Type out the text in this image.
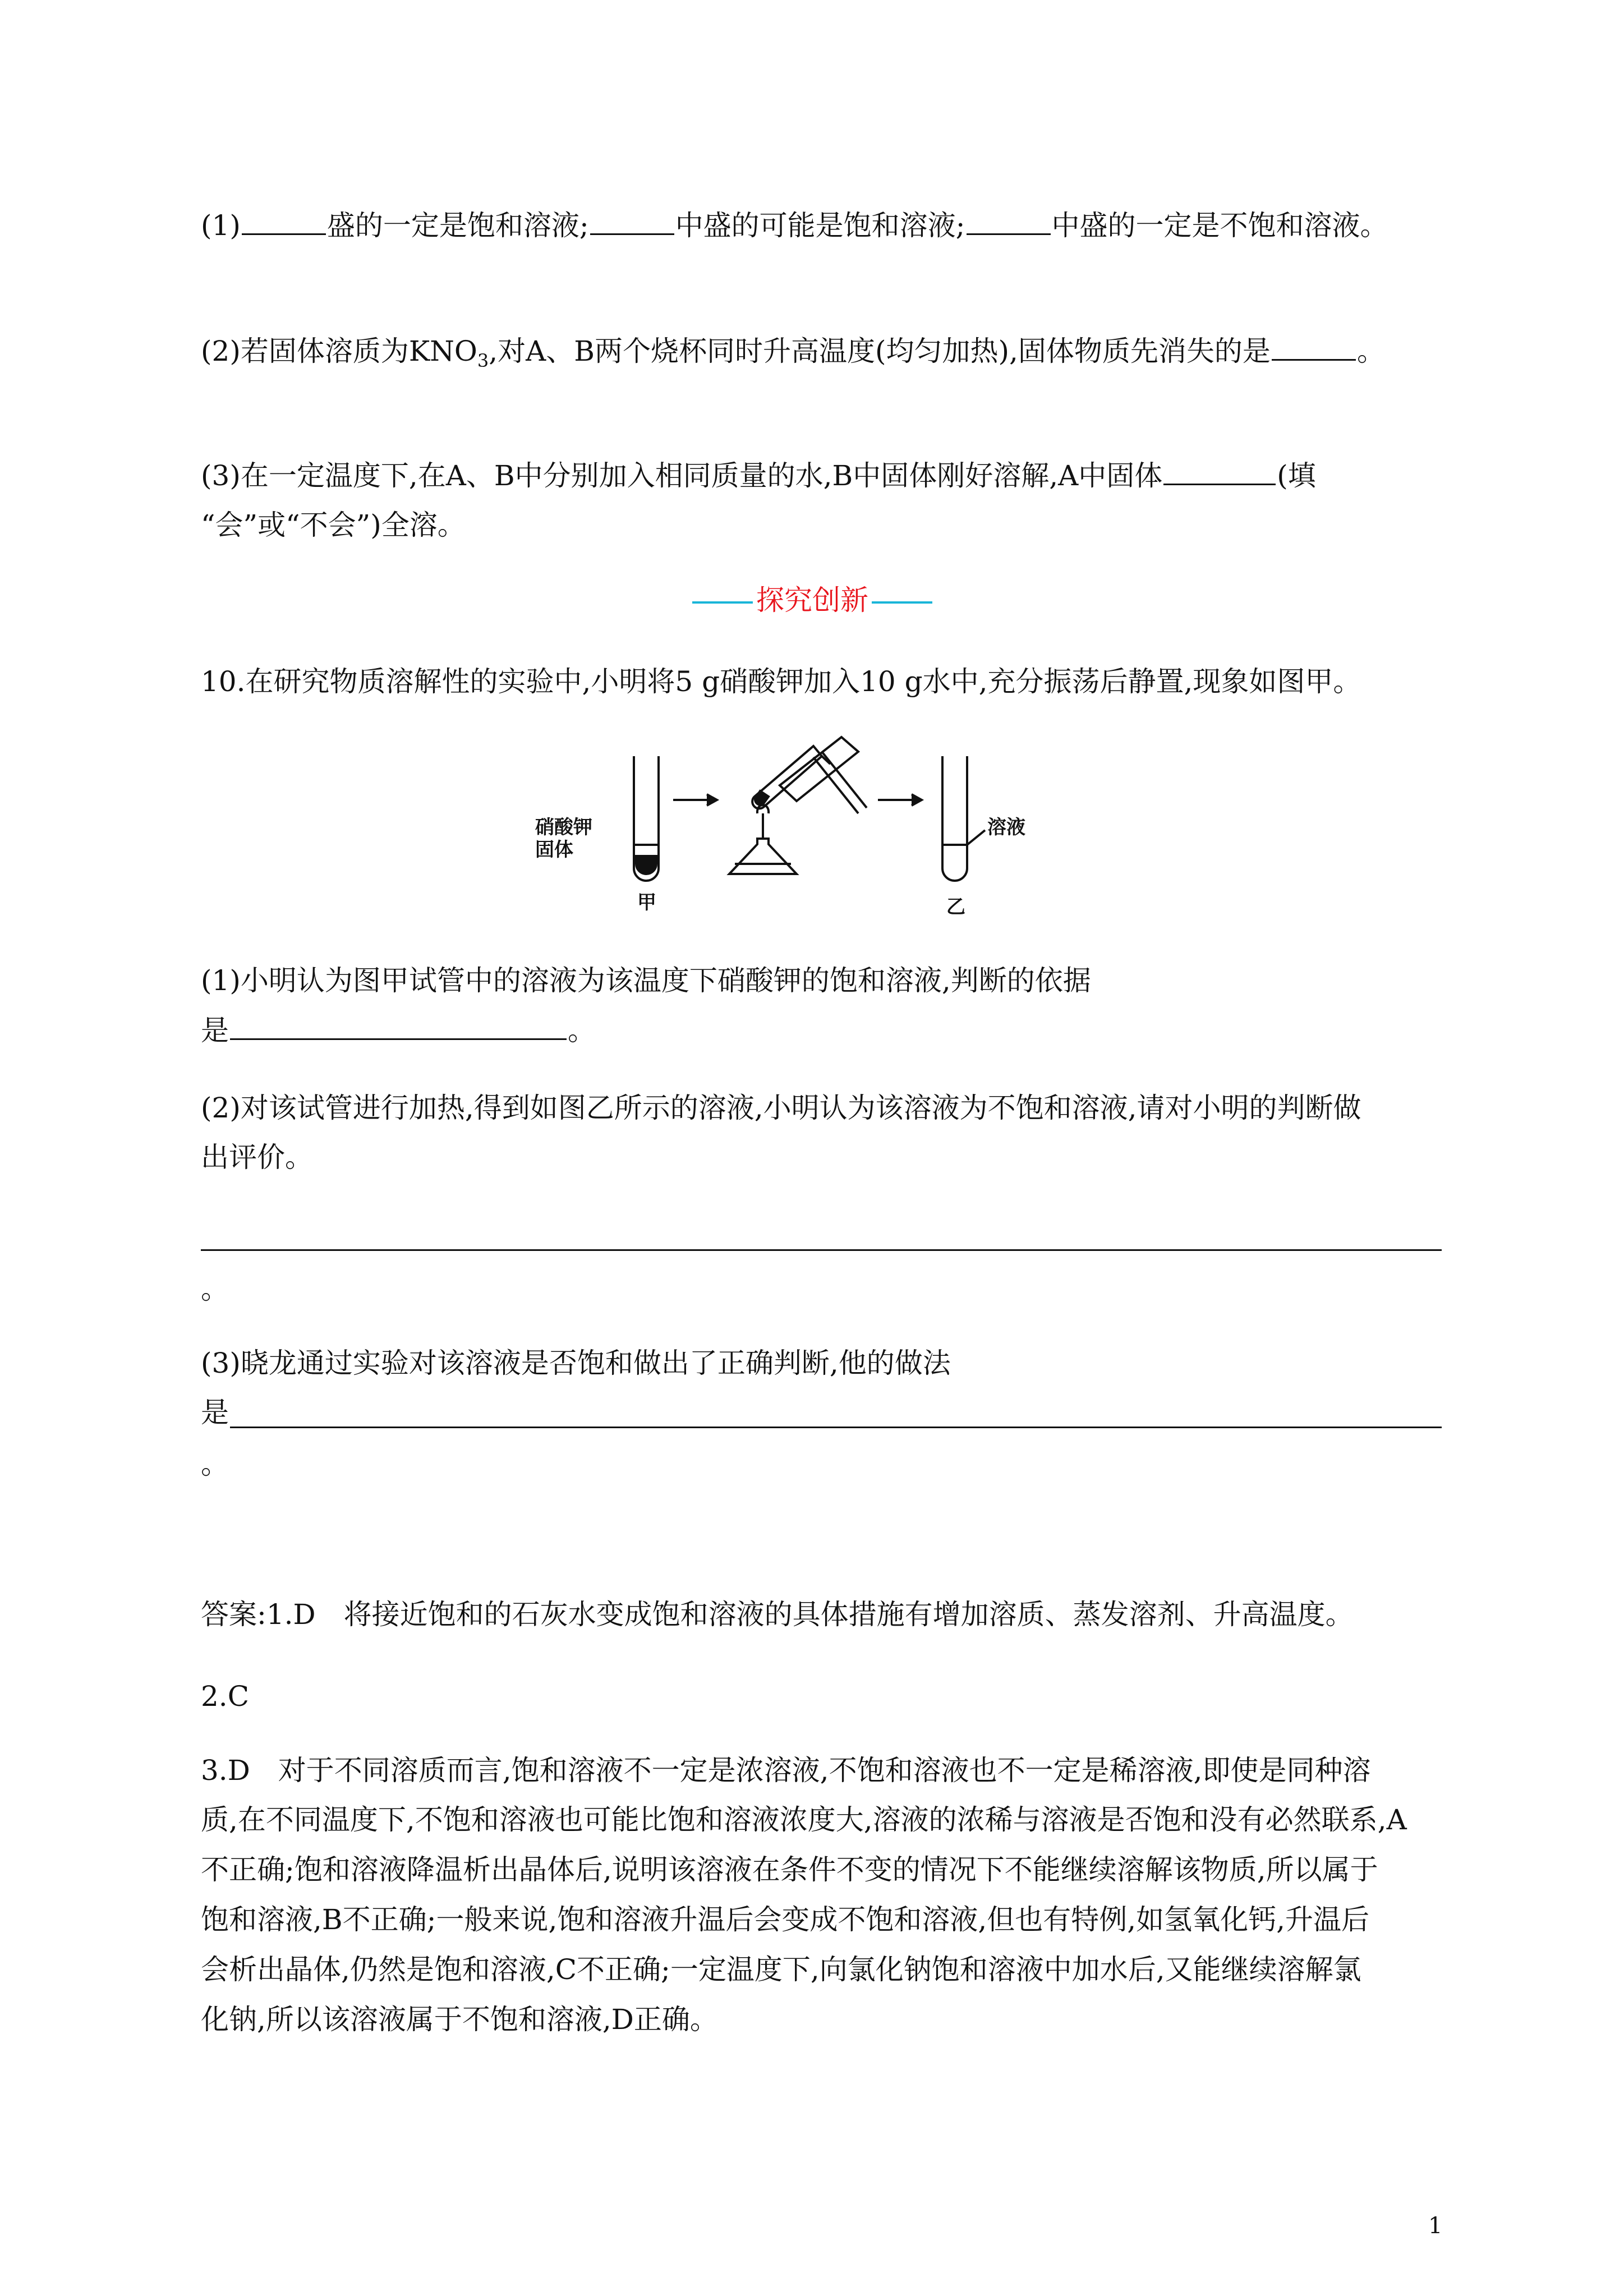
(1)	盛的一定是饱和溶液;	中盛的可能是饱和溶液;	中盛的一定是不饱和溶液。
(2)若固体溶质为$KNO_3$,对A、B两个烧杯同时升高温度(均匀加热),固体物质先消失的是	。
(3)在一定温度下,在A、B中分别加入相同质量的水,B中固体刚好溶解,A中固体	(填
“会”或“不会”)全溶。
探究创新
10.在研究物质溶解性的实验中,小明将5 g硝酸钾加入10 g水中,充分振荡后静置,现象如图甲。
硝酸钾
固体
甲
溶液
乙
(1)小明认为图甲试管中的溶液为该温度下硝酸钾的饱和溶液,判断的依据
是	。
(2)对该试管进行加热,得到如图乙所示的溶液,小明认为该溶液为不饱和溶液,请对小明的判断做
出评价。
。
(3)晓龙通过实验对该溶液是否饱和做出了正确判断,他的做法
是
。
答案:1.D　将接近饱和的石灰水变成饱和溶液的具体措施有增加溶质、蒸发溶剂、升高温度。
2.C
3.D　对于不同溶质而言,饱和溶液不一定是浓溶液,不饱和溶液也不一定是稀溶液,即使是同种溶
质,在不同温度下,不饱和溶液也可能比饱和溶液浓度大,溶液的浓稀与溶液是否饱和没有必然联系,A
不正确;饱和溶液降温析出晶体后,说明该溶液在条件不变的情况下不能继续溶解该物质,所以属于
饱和溶液,B不正确;一般来说,饱和溶液升温后会变成不饱和溶液,但也有特例,如氢氧化钙,升温后
会析出晶体,仍然是饱和溶液,C不正确;一定温度下,向氯化钠饱和溶液中加水后,又能继续溶解氯
化钠,所以该溶液属于不饱和溶液,D正确。
1
